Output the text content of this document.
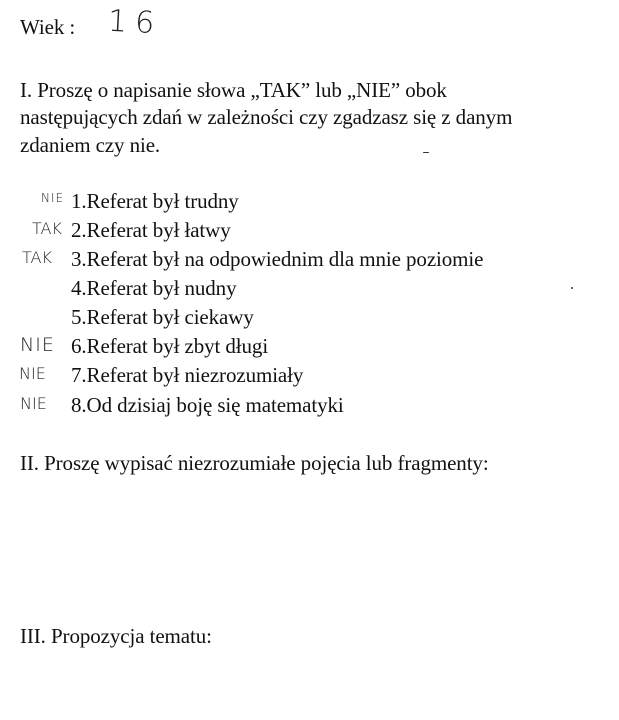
Wiek : 16
I. Proszę o napisanie słowa „TAK” lub „NIE” obok
następujących zdań w zależności czy zgadzasz się z danym
zdaniem czy nie.
NIE 1.Referat był trudny
TAK 2.Referat był łatwy
TAK 3.Referat był na odpowiednim dla mnie poziomie
4.Referat był nudny
5.Referat był ciekawy
NIE 6.Referat był zbyt długi
NIE 7.Referat był niezrozumiały
NIE 8.Od dzisiaj boję się matematyki
II. Proszę wypisać niezrozumiałe pojęcia lub fragmenty:
III. Propozycja tematu:
